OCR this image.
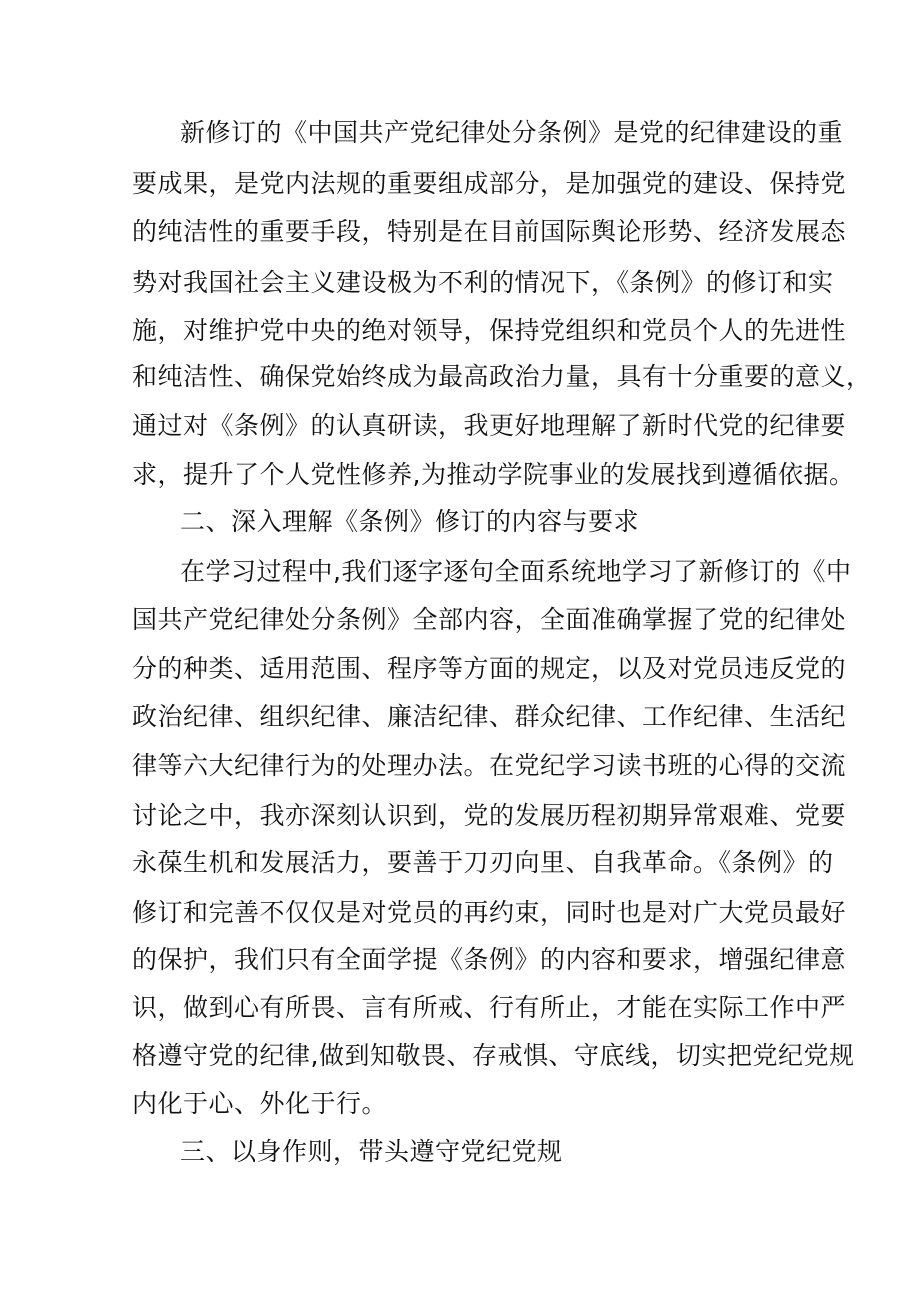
新修订的《中国共产党纪律处分条例》是党的纪律建设的重
要成果，是党内法规的重要组成部分，是加强党的建设、保持党
的纯洁性的重要手段，特别是在目前国际舆论形势、经济发展态
势对我国社会主义建设极为不利的情况下，《条例》的修订和实
施，对维护党中央的绝对领导，保持党组织和党员个人的先进性
和纯洁性、确保党始终成为最高政治力量，具有十分重要的意义，
通过对《条例》的认真研读，我更好地理解了新时代党的纪律要
求，提升了个人党性修养,为推动学院事业的发展找到遵循依据。
二、深入理解《条例》修订的内容与要求
在学习过程中,我们逐字逐句全面系统地学习了新修订的《中
国共产党纪律处分条例》全部内容，全面准确掌握了党的纪律处
分的种类、适用范围、程序等方面的规定，以及对党员违反党的
政治纪律、组织纪律、廉洁纪律、群众纪律、工作纪律、生活纪
律等六大纪律行为的处理办法。在党纪学习读书班的心得的交流
讨论之中，我亦深刻认识到，党的发展历程初期异常艰难、党要
永葆生机和发展活力，要善于刀刃向里、自我革命。《条例》的
修订和完善不仅仅是对党员的再约束，同时也是对广大党员最好
的保护，我们只有全面学提《条例》的内容和要求，增强纪律意
识，做到心有所畏、言有所戒、行有所止，才能在实际工作中严
格遵守党的纪律,做到知敬畏、存戒惧、守底线，切实把党纪党规
内化于心、外化于行。
三、以身作则，带头遵守党纪党规
